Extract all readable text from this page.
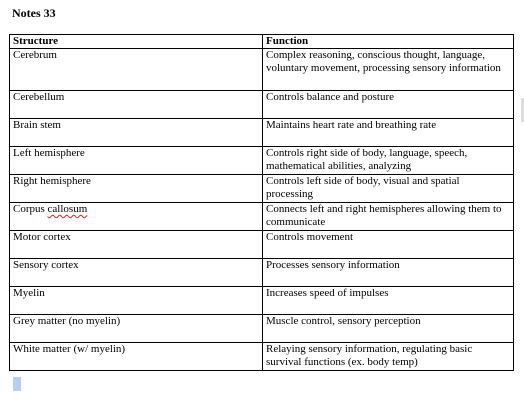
Notes 33
Structure	Function
Cerebrum	Complex reasoning, conscious thought, language, voluntary movement, processing sensory information
Cerebellum	Controls balance and posture
Brain stem	Maintains heart rate and breathing rate
Left hemisphere	Controls right side of body, language, speech, mathematical abilities, analyzing
Right hemisphere	Controls left side of body, visual and spatial processing
Corpus callosum	Connects left and right hemispheres allowing them to communicate
Motor cortex	Controls movement
Sensory cortex	Processes sensory information
Myelin	Increases speed of impulses
Grey matter (no myelin)	Muscle control, sensory perception
White matter (w/ myelin)	Relaying sensory information, regulating basic survival functions (ex. body temp)
